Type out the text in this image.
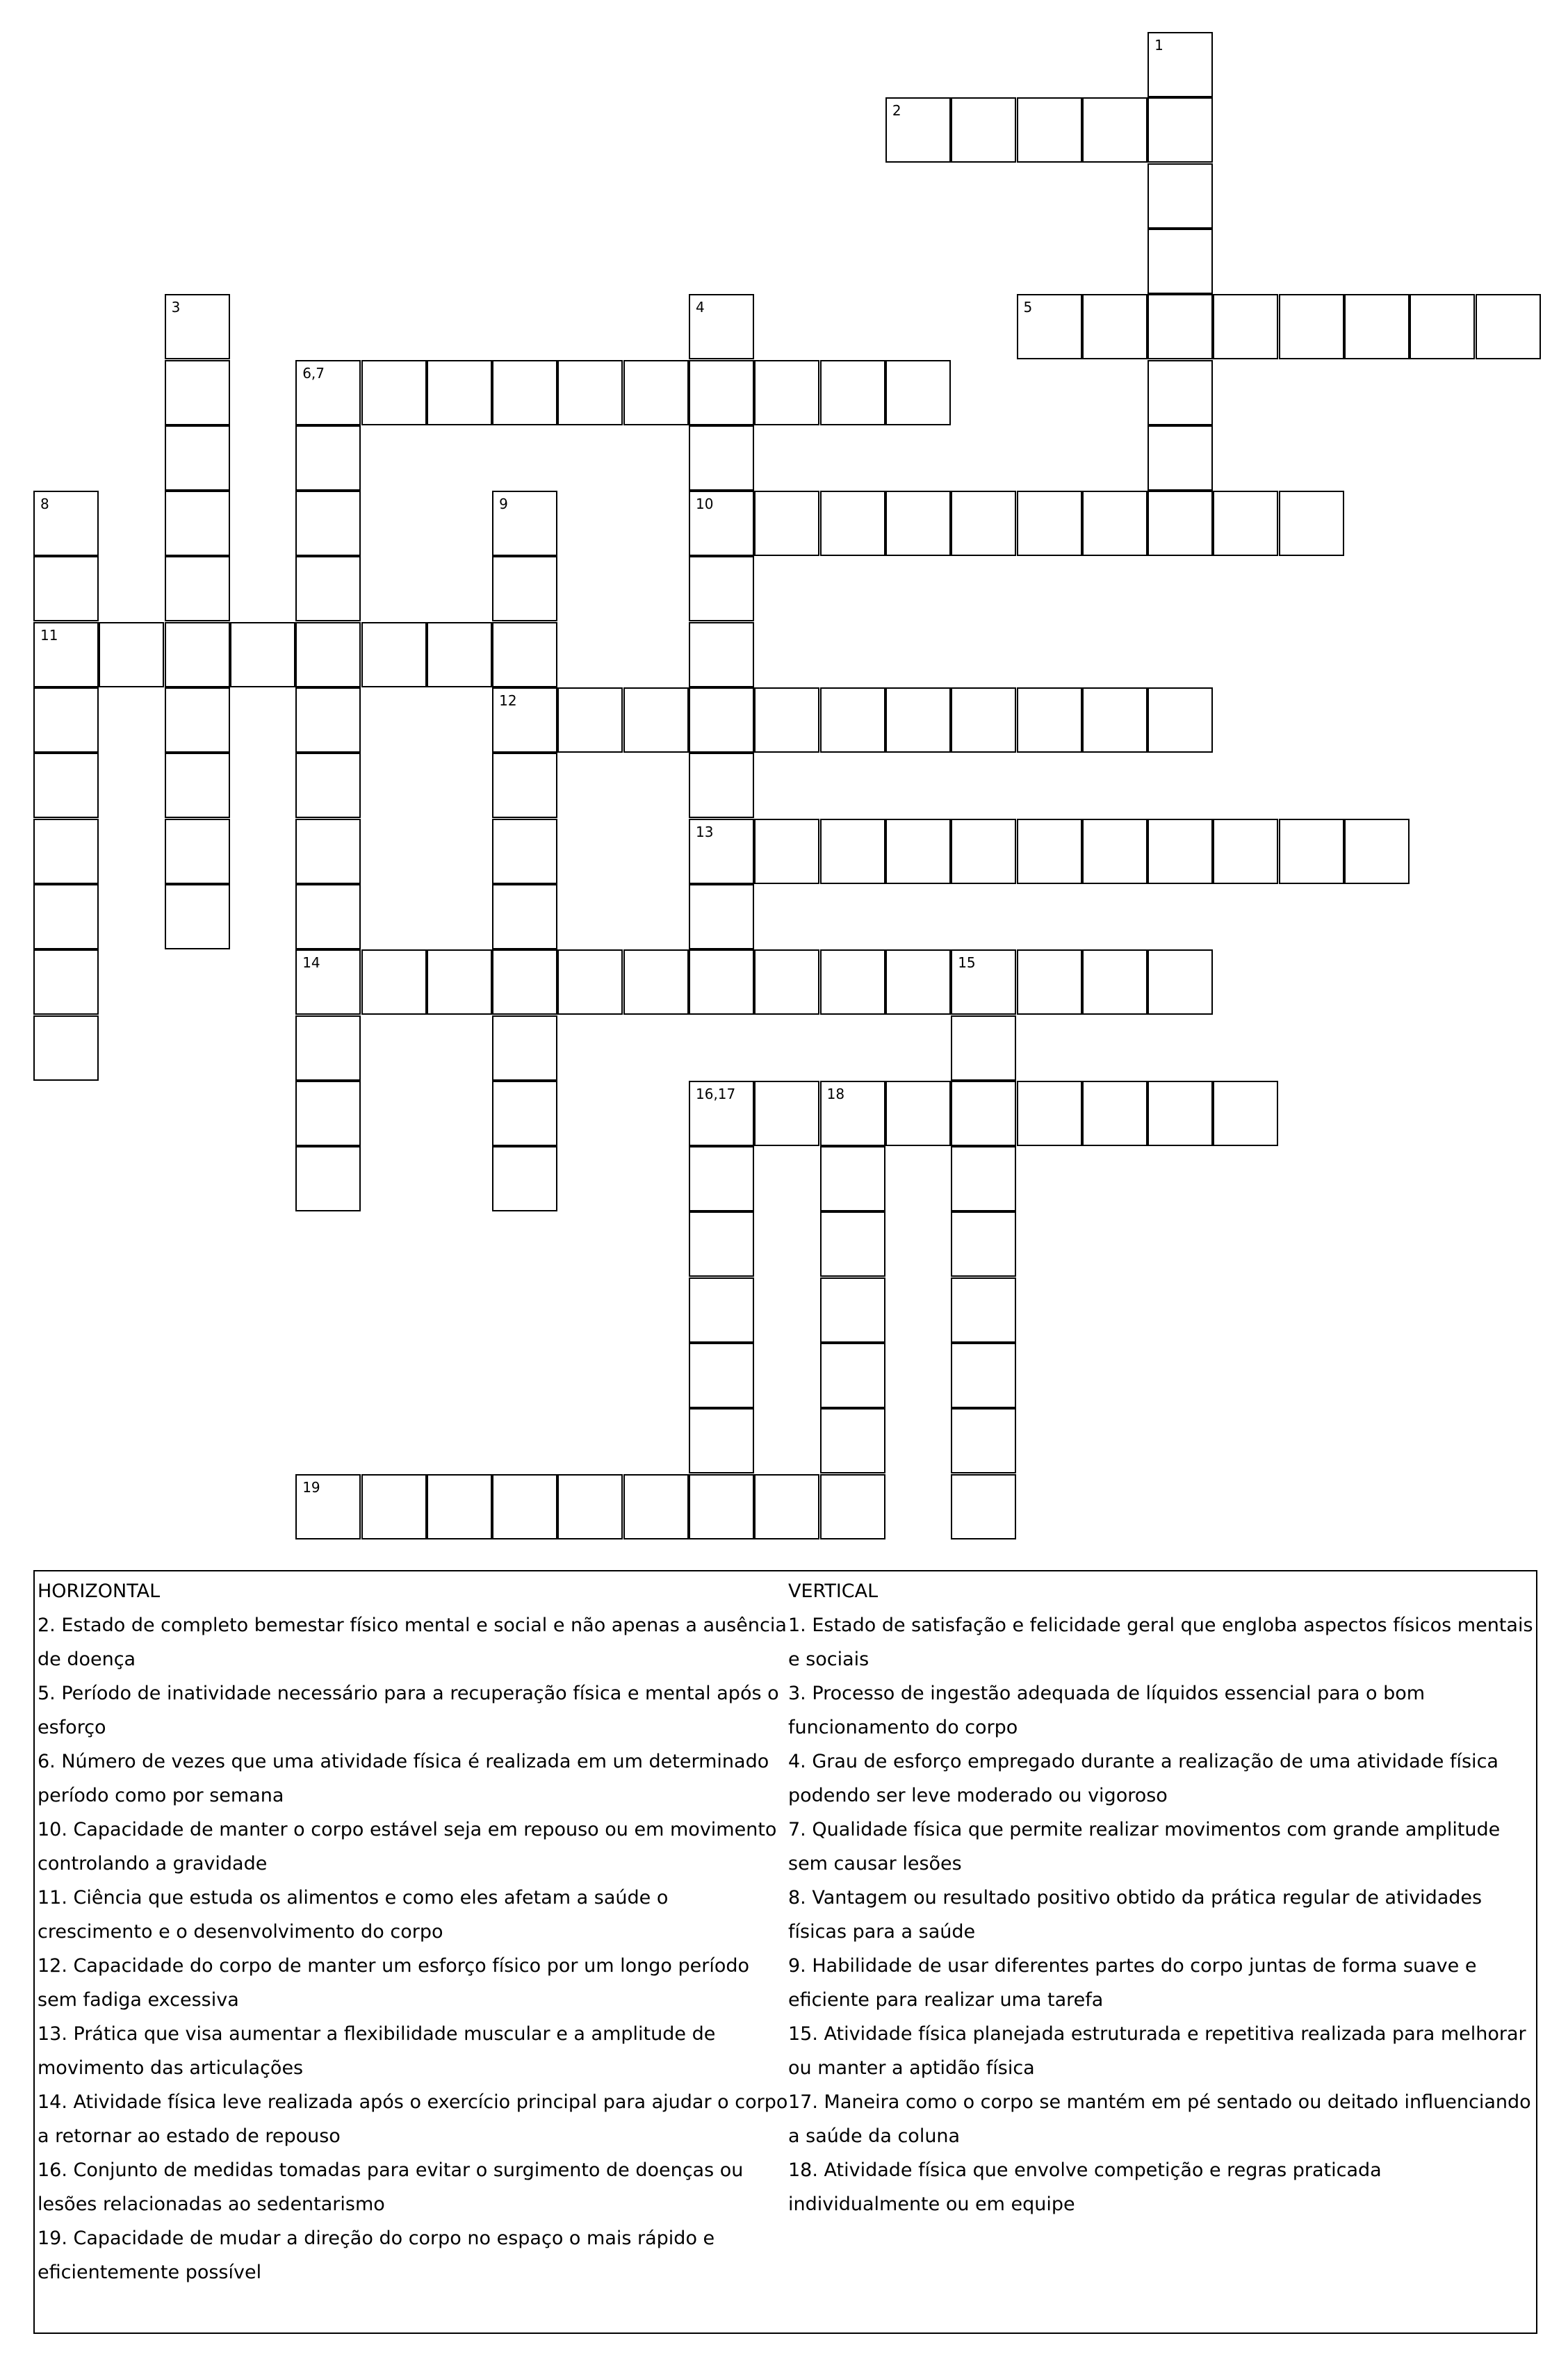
1
2
3	4
10
13
5
6,7
14
8
11
9
12
15
16,17	18
19
HORIZONTAL
2. Estado de completo bemestar físico mental e social e não apenas a ausência de doença
5. Período de inatividade necessário para a recuperação física e mental após o esforço
6. Número de vezes que uma atividade física é realizada em um determinado período como por semana
10. Capacidade de manter o corpo estável seja em repouso ou em movimento controlando a gravidade
11. Ciência que estuda os alimentos e como eles afetam a saúde o crescimento e o desenvolvimento do corpo
12. Capacidade do corpo de manter um esforço físico por um longo período sem fadiga excessiva
13. Prática que visa aumentar a flexibilidade muscular e a amplitude de movimento das articulações
14. Atividade física leve realizada após o exercício principal para ajudar o corpo a retornar ao estado de repouso
16. Conjunto de medidas tomadas para evitar o surgimento de doenças ou lesões relacionadas ao sedentarismo
19. Capacidade de mudar a direção do corpo no espaço o mais rápido e eficientemente possível
VERTICAL
1. Estado de satisfação e felicidade geral que engloba aspectos físicos mentais e sociais
3. Processo de ingestão adequada de líquidos essencial para o bom funcionamento do corpo
4. Grau de esforço empregado durante a realização de uma atividade física podendo ser leve moderado ou vigoroso
7. Qualidade física que permite realizar movimentos com grande amplitude sem causar lesões
8. Vantagem ou resultado positivo obtido da prática regular de atividades físicas para a saúde
9. Habilidade de usar diferentes partes do corpo juntas de forma suave e eficiente para realizar uma tarefa
15. Atividade física planejada estruturada e repetitiva realizada para melhorar ou manter a aptidão física
17. Maneira como o corpo se mantém em pé sentado ou deitado influenciando a saúde da coluna
18. Atividade física que envolve competição e regras praticada individualmente ou em equipe
